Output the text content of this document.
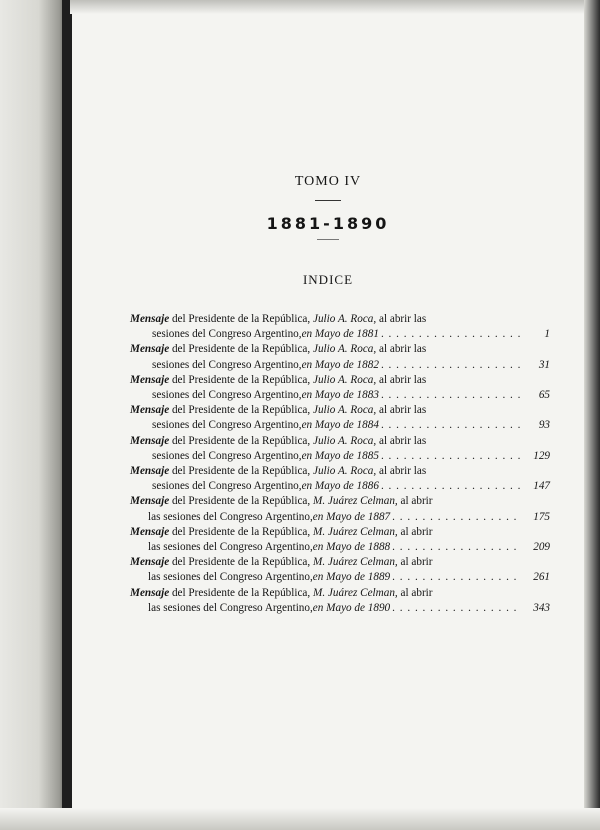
TOMO IV
1881-1890
INDICE
Mensaje del Presidente de la República, Julio A. Roca, al abrir las
sesiones del Congreso Argentino, en Mayo de 1881 . . .	1
Mensaje del Presidente de la República, Julio A. Roca, al abrir las
sesiones del Congreso Argentino, en Mayo de 1882 . . .	31
Mensaje del Presidente de la República, Julio A. Roca, al abrir las
sesiones del Congreso Argentino, en Mayo de 1883 . . .	65
Mensaje del Presidente de la República, Julio A. Roca, al abrir las
sesiones del Congreso Argentino, en Mayo de 1884 . . .	93
Mensaje del Presidente de la República, Julio A. Roca, al abrir las
sesiones del Congreso Argentino, en Mayo de 1885 . . .	129
Mensaje del Presidente de la República, Julio A. Roca, al abrir las
sesiones del Congreso Argentino, en Mayo de 1886 . . .	147
Mensaje del Presidente de la República, M. Juárez Celman, al abrir
las sesiones del Congreso Argentino, en Mayo de 1887 . . .	175
Mensaje del Presidente de la República, M. Juárez Celman, al abrir
las sesiones del Congreso Argentino, en Mayo de 1888 . . .	209
Mensaje del Presidente de la República, M. Juárez Celman, al abrir
las sesiones del Congreso Argentino, en Mayo de 1889 . . .	261
Mensaje del Presidente de la República, M. Juárez Celman, al abrir
las sesiones del Congreso Argentino, en Mayo de 1890 . . .	343
